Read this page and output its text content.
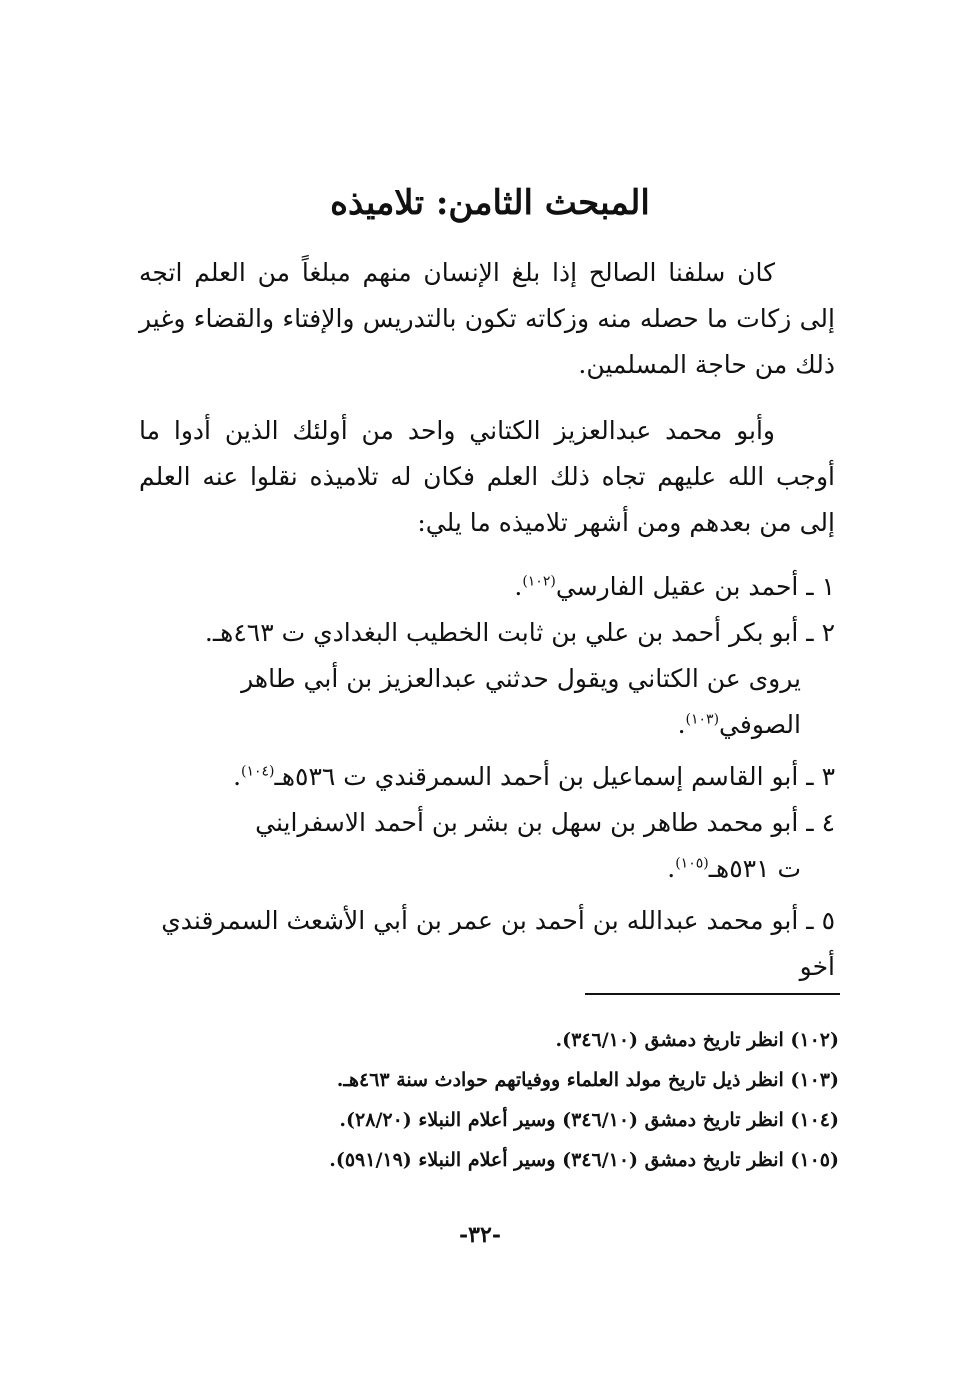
المبحث الثامن: تلاميذه
كان سلفنا الصالح إذا بلغ الإنسان منهم مبلغاً من العلم اتجه إلى زكات ما حصله منه وزكاته تكون بالتدريس والإفتاء والقضاء وغير ذلك من حاجة المسلمين.
وأبو محمد عبدالعزيز الكتاني واحد من أولئك الذين أدوا ما أوجب الله عليهم تجاه ذلك العلم فكان له تلاميذه نقلوا عنه العلم إلى من بعدهم ومن أشهر تلاميذه ما يلي:
١ ـ أحمد بن عقيل الفارسي$^{(١٠٢)}$.
٢ ـ أبو بكر أحمد بن علي بن ثابت الخطيب البغدادي ت ٤٦٣هـ.
يروى عن الكتاني ويقول حدثني عبدالعزيز بن أبي طاهر الصوفي$^{(١٠٣)}$.
٣ ـ أبو القاسم إسماعيل بن أحمد السمرقندي ت ٥٣٦هـ$^{(١٠٤)}$.
٤ ـ أبو محمد طاهر بن سهل بن بشر بن أحمد الاسفرايني
ت ٥٣١هـ$^{(١٠٥)}$.
٥ ـ أبو محمد عبدالله بن أحمد بن عمر بن أبي الأشعث السمرقندي أخو

(١٠٢) انظر تاريخ دمشق (٣٤٦/١٠).

(١٠٣) انظر ذيل تاريخ مولد العلماء ووفياتهم حوادث سنة ٤٦٣هـ.

(١٠٤) انظر تاريخ دمشق (٣٤٦/١٠) وسير أعلام النبلاء (٢٨/٢٠).

(١٠٥) انظر تاريخ دمشق (٣٤٦/١٠) وسير أعلام النبلاء (٥٩١/١٩).

-٣٢-
